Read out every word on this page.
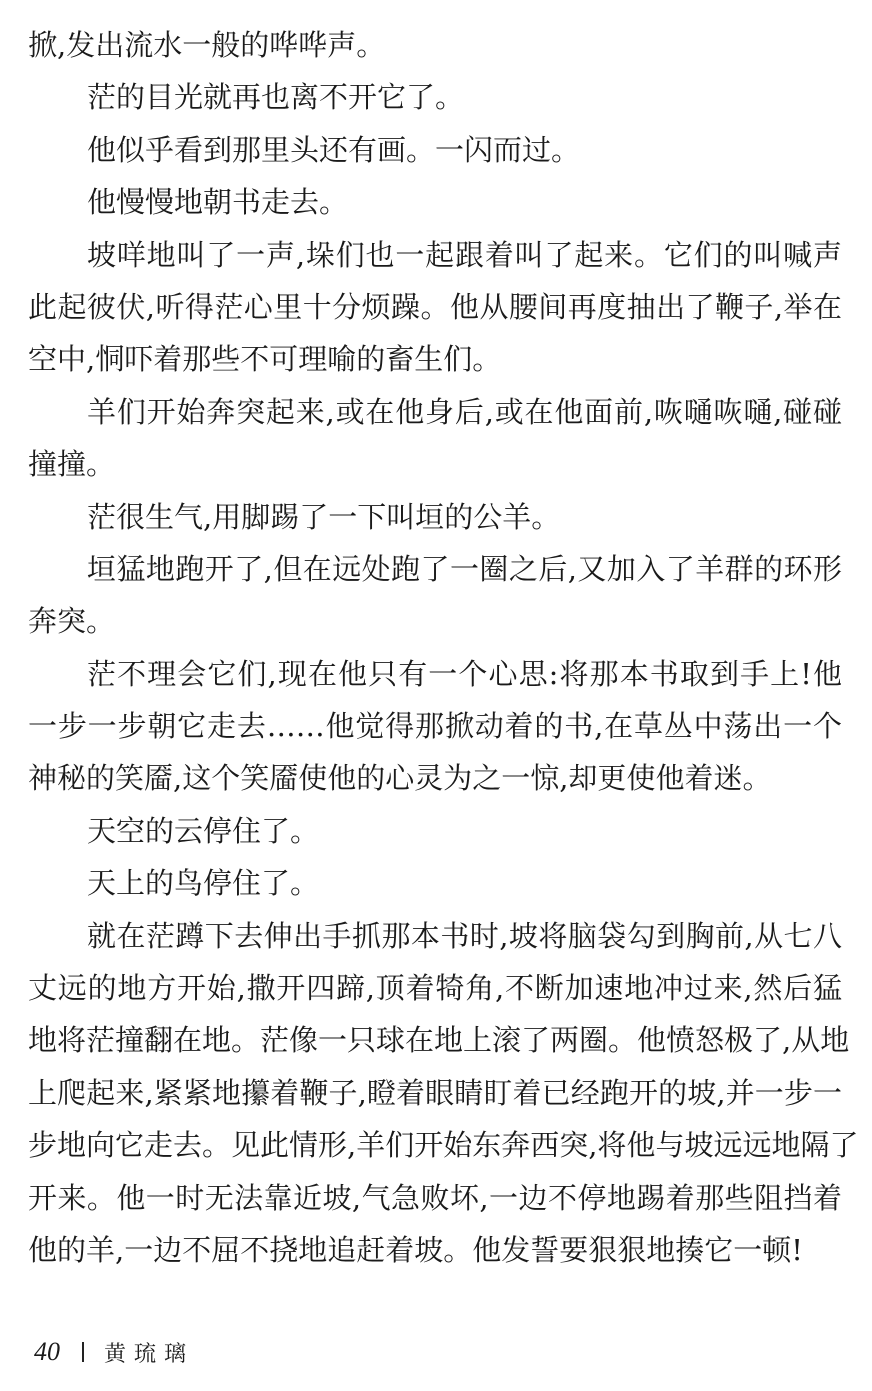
掀,发出流水一般的哗哗声。
茫的目光就再也离不开它了。
他似乎看到那里头还有画。一闪而过。
他慢慢地朝书走去。
坡咩地叫了一声,垛们也一起跟着叫了起来。它们的叫喊声
此起彼伏,听得茫心里十分烦躁。他从腰间再度抽出了鞭子,举在
空中,恫吓着那些不可理喻的畜生们。
羊们开始奔突起来,或在他身后,或在他面前,咴嗵咴嗵,碰碰
撞撞。
茫很生气,用脚踢了一下叫垣的公羊。
垣猛地跑开了,但在远处跑了一圈之后,又加入了羊群的环形
奔突。
茫不理会它们,现在他只有一个心思:将那本书取到手上!他
一步一步朝它走去……他觉得那掀动着的书,在草丛中荡出一个
神秘的笑靥,这个笑靥使他的心灵为之一惊,却更使他着迷。
天空的云停住了。
天上的鸟停住了。
就在茫蹲下去伸出手抓那本书时,坡将脑袋勾到胸前,从七八
丈远的地方开始,撒开四蹄,顶着犄角,不断加速地冲过来,然后猛
地将茫撞翻在地。茫像一只球在地上滚了两圈。他愤怒极了,从地
上爬起来,紧紧地攥着鞭子,瞪着眼睛盯着已经跑开的坡,并一步一
步地向它走去。见此情形,羊们开始东奔西突,将他与坡远远地隔了
开来。他一时无法靠近坡,气急败坏,一边不停地踢着那些阻挡着
他的羊,一边不屈不挠地追赶着坡。他发誓要狠狠地揍它一顿!
40 黄琉璃
